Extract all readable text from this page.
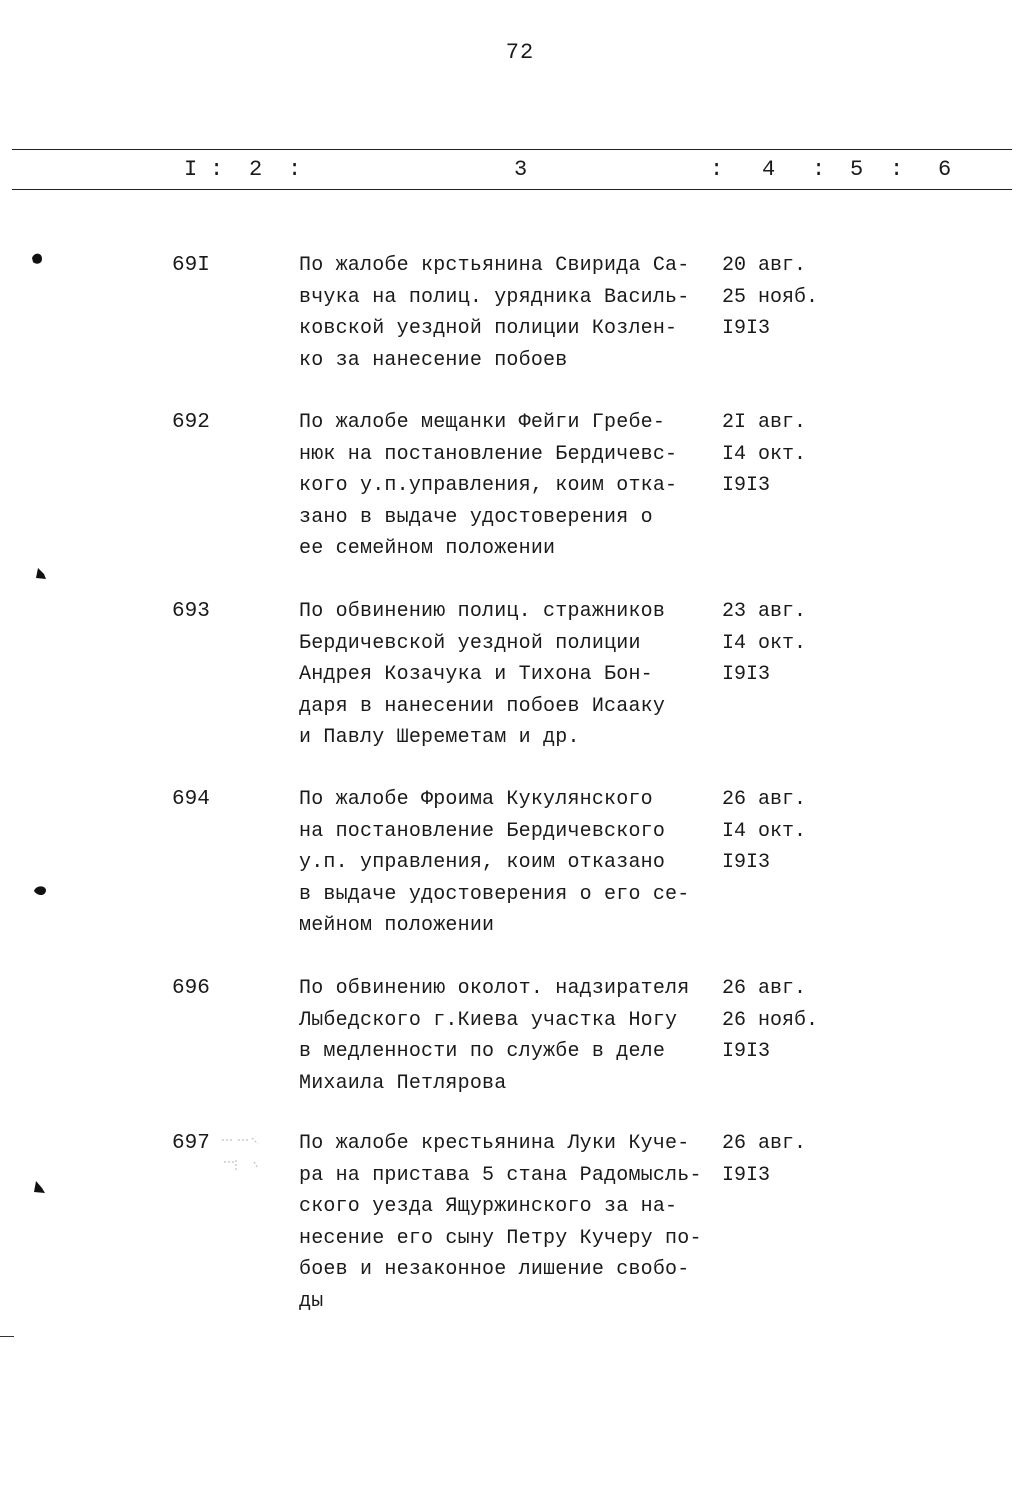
72
I : 2 :	3	: 4 : 5 : 6
69I	По жалобе крстьянина Свирида Са-
вчука на полиц. урядника Василь-
ковской уездной полиции Козлен-
ко за нанесение побоев
20 авг.
25 нояб.
I9I3
692	По жалобе мещанки Фейги Гребе-
нюк на постановление Бердичевс-
кого у.п.управления, коим отка-
зано в выдаче удостоверения о
ее семейном положении
2I авг.
I4 окт.
I9I3
693	По обвинению полиц. стражников
Бердичевской уездной полиции
Андрея Козачука и Тихона Бон-
даря в нанесении побоев Исааку
и Павлу Шереметам и др.
23 авг.
I4 окт.
I9I3
694	По жалобе Фроима Кукулянского
на постановление Бердичевского
у.п. управления, коим отказано
в выдаче удостоверения о его се-
мейном положении
26 авг.
I4 окт.
I9I3
696	По обвинению околот. надзирателя
Лыбедского г.Киева участка Ногу
в медленности по службе в деле
Михаила Петлярова
26 авг.
26 нояб.
I9I3
697	По жалобе крестьянина Луки Куче-
ра на пристава 5 стана Радомысль-
ского уезда Ящуржинского за на-
несение его сыну Петру Кучеру по-
боев и незаконное лишение свобо-
ды
26 авг.
I9I3
